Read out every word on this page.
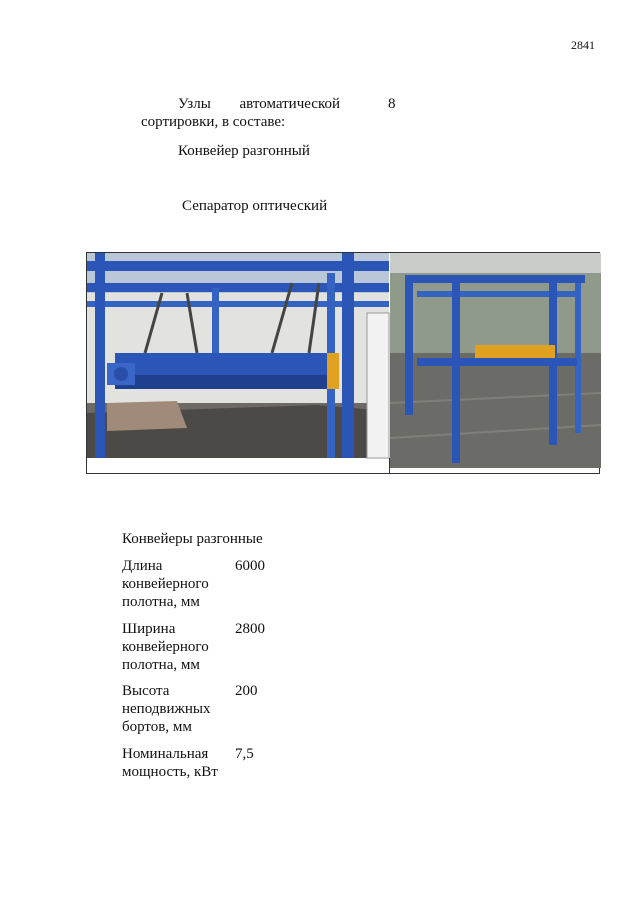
2841
Узлы автоматической
сортировки, в составе:
8
Конвейер разгонный
Сепаратор оптический
Конвейеры разгонные
Длина
конвейерного
полотна, мм
6000
Ширина
конвейерного
полотна, мм
2800
Высота
неподвижных
бортов, мм
200
Номинальная
мощность, кВт
7,5
